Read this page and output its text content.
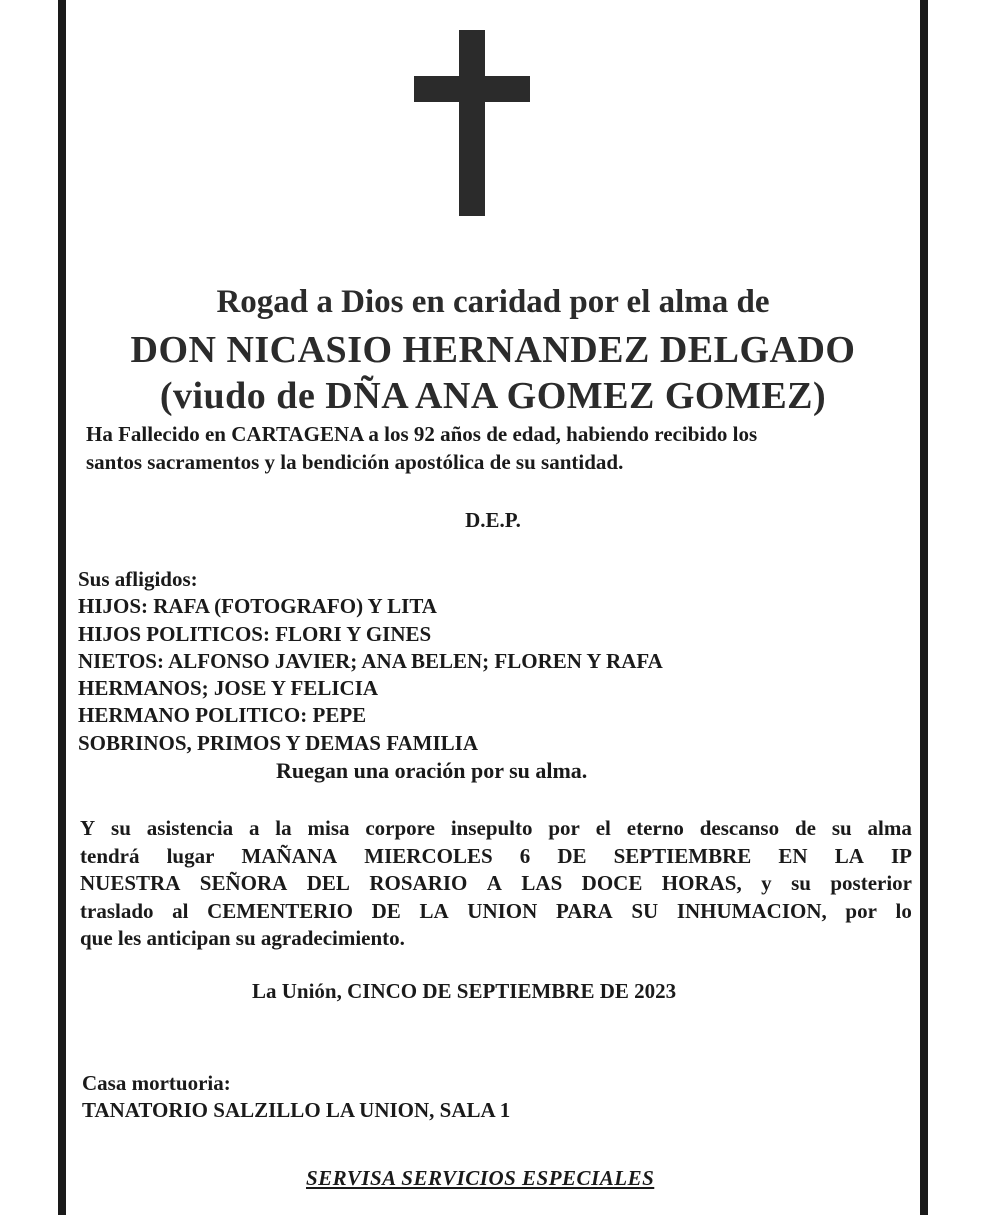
Rogad a Dios en caridad por el alma de
DON NICASIO HERNANDEZ DELGADO
(viudo de DÑA ANA GOMEZ GOMEZ)
Ha Fallecido en CARTAGENA a los 92 años de edad, habiendo recibido los
santos sacramentos y la bendición apostólica de su santidad.
D.E.P.
Sus afligidos:
HIJOS: RAFA (FOTOGRAFO) Y LITA
HIJOS POLITICOS: FLORI Y GINES
NIETOS: ALFONSO JAVIER; ANA BELEN; FLOREN Y RAFA
HERMANOS; JOSE Y FELICIA
HERMANO POLITICO: PEPE
SOBRINOS, PRIMOS Y DEMAS FAMILIA
Ruegan una oración por su alma.
Y su asistencia a la misa corpore insepulto por el eterno descanso de su alma
tendrá lugar MAÑANA MIERCOLES 6 DE SEPTIEMBRE EN LA IP
NUESTRA SEÑORA DEL ROSARIO A LAS DOCE HORAS, y su posterior
traslado al CEMENTERIO DE LA UNION PARA SU INHUMACION, por lo
que les anticipan su agradecimiento.
La Unión, CINCO DE SEPTIEMBRE DE 2023
Casa mortuoria:
TANATORIO SALZILLO LA UNION, SALA 1
SERVISA SERVICIOS ESPECIALES
